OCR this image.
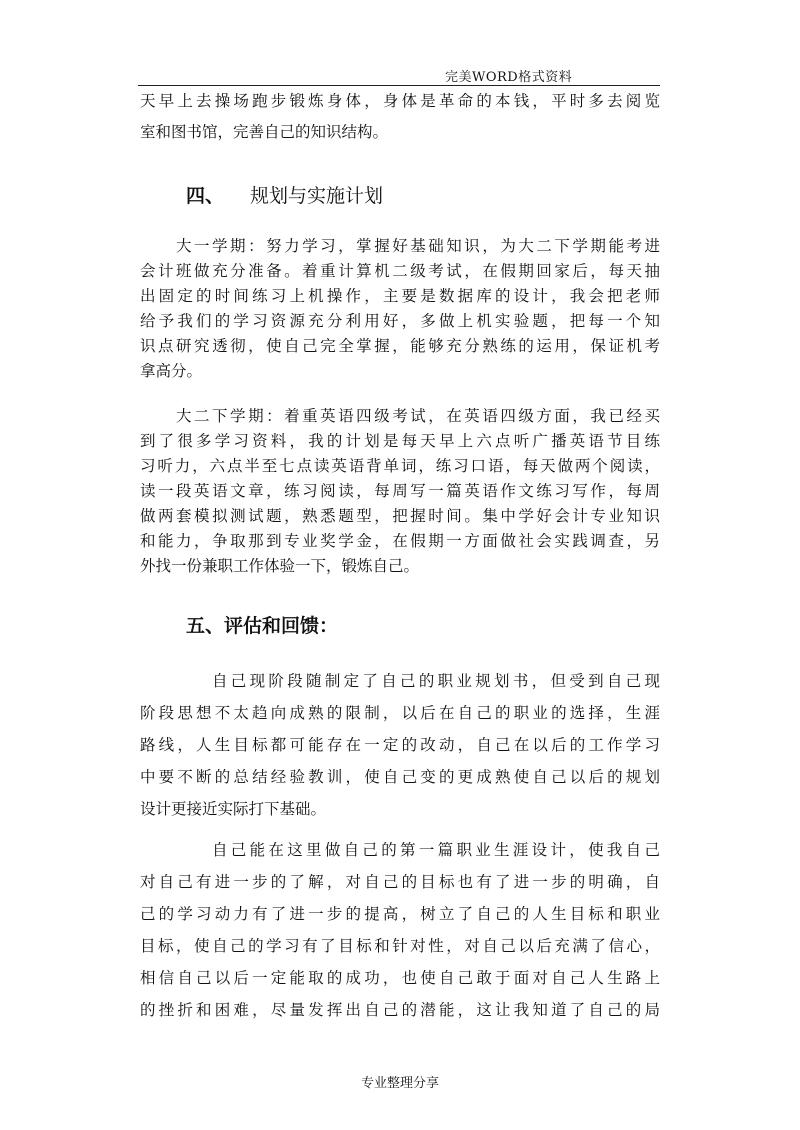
完美WORD格式资料
天早上去操场跑步锻炼身体，身体是革命的本钱，平时多去阅览
室和图书馆，完善自己的知识结构。
四、 规划与实施计划
大一学期：努力学习，掌握好基础知识，为大二下学期能考进
会计班做充分准备。着重计算机二级考试，在假期回家后，每天抽
出固定的时间练习上机操作，主要是数据库的设计，我会把老师
给予我们的学习资源充分利用好，多做上机实验题，把每一个知
识点研究透彻，使自己完全掌握，能够充分熟练的运用，保证机考
拿高分。
大二下学期：着重英语四级考试，在英语四级方面，我已经买
到了很多学习资料，我的计划是每天早上六点听广播英语节目练
习听力，六点半至七点读英语背单词，练习口语，每天做两个阅读，
读一段英语文章，练习阅读，每周写一篇英语作文练习写作，每周
做两套模拟测试题，熟悉题型，把握时间。集中学好会计专业知识
和能力，争取那到专业奖学金，在假期一方面做社会实践调查，另
外找一份兼职工作体验一下，锻炼自己。
五、评估和回馈：
自己现阶段随制定了自己的职业规划书，但受到自己现
阶段思想不太趋向成熟的限制，以后在自己的职业的选择，生涯
路线，人生目标都可能存在一定的改动，自己在以后的工作学习
中要不断的总结经验教训，使自己变的更成熟使自己以后的规划
设计更接近实际打下基础。
自己能在这里做自己的第一篇职业生涯设计，使我自己
对自己有进一步的了解，对自己的目标也有了进一步的明确，自
己的学习动力有了进一步的提高，树立了自己的人生目标和职业
目标，使自己的学习有了目标和针对性，对自己以后充满了信心，
相信自己以后一定能取的成功，也使自己敢于面对自己人生路上
的挫折和困难，尽量发挥出自己的潜能，这让我知道了自己的局
专业整理分享
